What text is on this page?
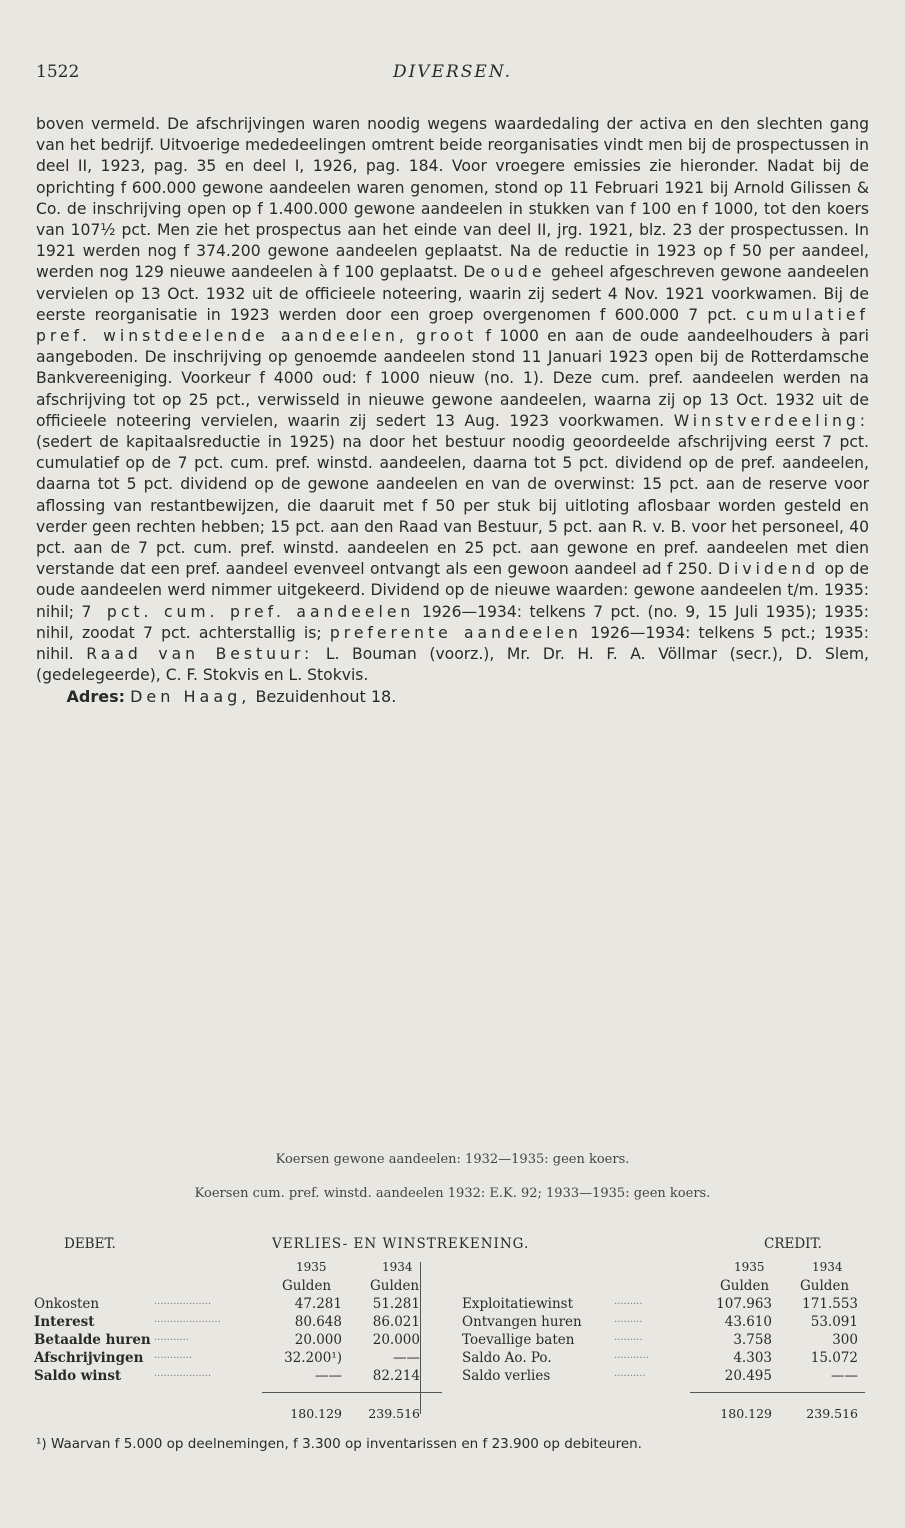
1522	DIVERSEN.

boven vermeld. De afschrijvingen waren noodig wegens waardedaling der activa en den slechten gang van het bedrijf. Uitvoerige mededeelingen omtrent beide reorganisaties vindt men bij de prospectussen in deel II, 1923, pag. 35 en deel I, 1926, pag. 184. Voor vroegere emissies zie hieronder. Nadat bij de oprichting f 600.000 gewone aandeelen waren genomen, stond op 11 Februari 1921 bij Arnold Gilissen & Co. de inschrijving open op f 1.400.000 gewone aandeelen in stukken van f 100 en f 1000, tot den koers van 107½ pct. Men zie het prospectus aan het einde van deel II, jrg. 1921, blz. 23 der prospectussen. In 1921 werden nog f 374.200 gewone aandeelen geplaatst. Na de reductie in 1923 op f 50 per aandeel, werden nog 129 nieuwe aandeelen à f 100 geplaatst. De oude geheel afgeschreven gewone aandeelen vervielen op 13 Oct. 1932 uit de officieele noteering, waarin zij sedert 4 Nov. 1921 voorkwamen. Bij de eerste reorganisatie in 1923 werden door een groep overgenomen f 600.000 7 pct. cumulatief pref. winstdeelende aandeelen, groot f 1000 en aan de oude aandeelhouders à pari aangeboden. De inschrijving op genoemde aandeelen stond 11 Januari 1923 open bij de Rotterdamsche Bankvereeniging. Voorkeur f 4000 oud: f 1000 nieuw (no. 1). Deze cum. pref. aandeelen werden na afschrijving tot op 25 pct., verwisseld in nieuwe gewone aandeelen, waarna zij op 13 Oct. 1932 uit de officieele noteering vervielen, waarin zij sedert 13 Aug. 1923 voorkwamen. Winstverdeeling: (sedert de kapitaalsreductie in 1925) na door het bestuur noodig geoordeelde afschrijving eerst 7 pct. cumulatief op de 7 pct. cum. pref. winstd. aandeelen, daarna tot 5 pct. dividend op de pref. aandeelen, daarna tot 5 pct. dividend op de gewone aandeelen en van de overwinst: 15 pct. aan de reserve voor aflossing van restantbewijzen, die daaruit met f 50 per stuk bij uitloting aflosbaar worden gesteld en verder geen rechten hebben; 15 pct. aan den Raad van Bestuur, 5 pct. aan R. v. B. voor het personeel, 40 pct. aan de 7 pct. cum. pref. winstd. aandeelen en 25 pct. aan gewone en pref. aandeelen met dien verstande dat een pref. aandeel evenveel ontvangt als een gewoon aandeel ad f 250. Dividend op de oude aandeelen werd nimmer uitgekeerd. Dividend op de nieuwe waarden: gewone aandeelen t/m. 1935: nihil; 7 pct. cum. pref. aandeelen 1926—1934: telkens 7 pct. (no. 9, 15 Juli 1935); 1935: nihil, zoodat 7 pct. achterstallig is; preferente aandeelen 1926—1934: telkens 5 pct.; 1935: nihil. Raad van Bestuur: L. Bouman (voorz.), Mr. Dr. H. F. A. Völlmar (secr.), D. Slem, (gedelegeerde), C. F. Stokvis en L. Stokvis.

Adres: Den Haag, Bezuidenhout 18.

Koersen gewone aandeelen: 1932—1935: geen koers.
Koersen cum. pref. winstd. aandeelen 1932: E.K. 92; 1933—1935: geen koers.
DEBET.	VERLIES- EN WINSTREKENING.	CREDIT.
1935	1934	1935	1934
Gulden	Gulden	Gulden Gulden
Onkosten	..................	47.281	51.281	Exploitatiewinst	.........	107.963	171.553
Interest	.....................	80.648	86.021	Ontvangen huren	.........	43.610	53.091
Betaalde huren ...........	20.000	20.000	Toevallige baten	.........	3.758	300
Afschrijvingen ............	32.200¹)	——	Saldo Ao. Po.	...........	4.303	15.072
Saldo winst	..................	——	82.214	Saldo verlies	..........	20.495	——
180.129	239.516	180.129	239.516
¹) Waarvan f 5.000 op deelnemingen, f 3.300 op inventarissen en f 23.900 op debiteuren.
